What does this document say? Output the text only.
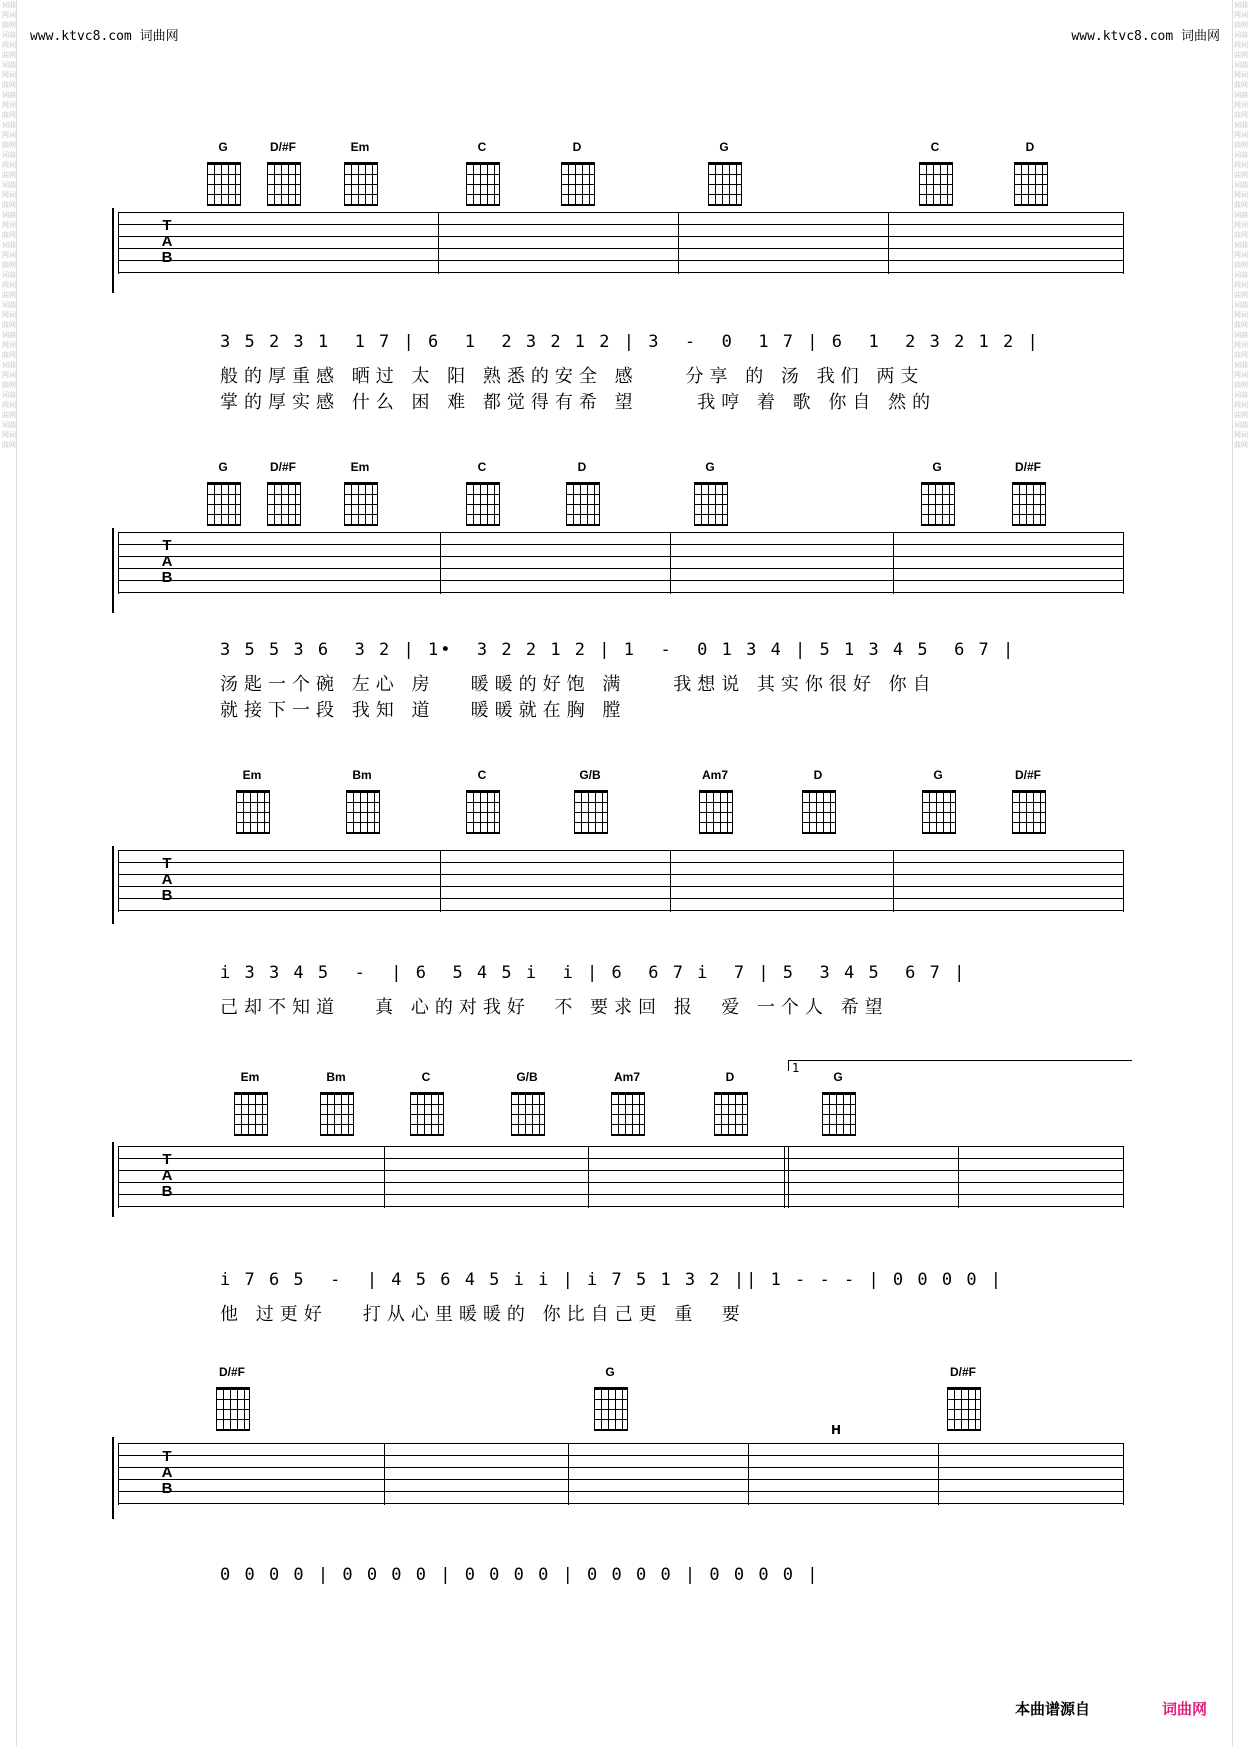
词曲网词曲网词曲网词曲网词曲网词曲网词曲网词曲网词曲网词曲网词曲网词曲网词曲网词曲网词曲网词曲网词曲网词曲网词曲网词曲网词曲网词曲网词曲网词曲网词曲网词曲网词曲网词曲网词曲网词曲网
词曲网词曲网词曲网词曲网词曲网词曲网词曲网词曲网词曲网词曲网词曲网词曲网词曲网词曲网词曲网词曲网词曲网词曲网词曲网词曲网词曲网词曲网词曲网词曲网词曲网词曲网词曲网词曲网词曲网词曲网
www.ktvc8.com 词曲网	www.ktvc8.com 词曲网
G	D/#F	Em	C	D	G	C	D
T
A
B
3 5 2 3 1  1 7 | 6  1  2 3 2 1 2 | 3  -  0  1 7 | 6  1  2 3 2 1 2 |
般的厚重感 晒过 太 阳 熟悉的安全 感    分享 的 汤 我们 两支
掌的厚实感 什么 困 难 都觉得有希 望     我哼 着 歌 你自 然的
G	D/#F	Em	C	D	G	G	D/#F
T
A
B
3 5 5 3 6  3 2 | 1•  3 2 2 1 2 | 1  -  0 1 3 4 | 5 1 3 4 5  6 7 |
汤匙一个碗 左心 房   暖暖的好饱 满    我想说 其实你很好 你自
就接下一段 我知 道   暖暖就在胸 膛
Em	Bm	C	G/B	Am7	D	G	D/#F
T
A
B
i 3 3 4 5  -  | 6  5 4 5 i  i | 6  6 7 i  7 | 5  3 4 5  6 7 |
己却不知道   真 心的对我好  不 要求回 报  爱 一个人 希望
1
Em	Bm	C	G/B	Am7	D	G
T
A
B
i 7 6 5  -  | 4 5 6 4 5 i i | i 7 5 1 3 2 || 1 - - - | 0 0 0 0 |
他 过更好   打从心里暖暖的 你比自己更 重  要
D/#F	G	D/#F
H
T
A
B
0 0 0 0 | 0 0 0 0 | 0 0 0 0 | 0 0 0 0 | 0 0 0 0 |
本曲谱源自	词曲网
